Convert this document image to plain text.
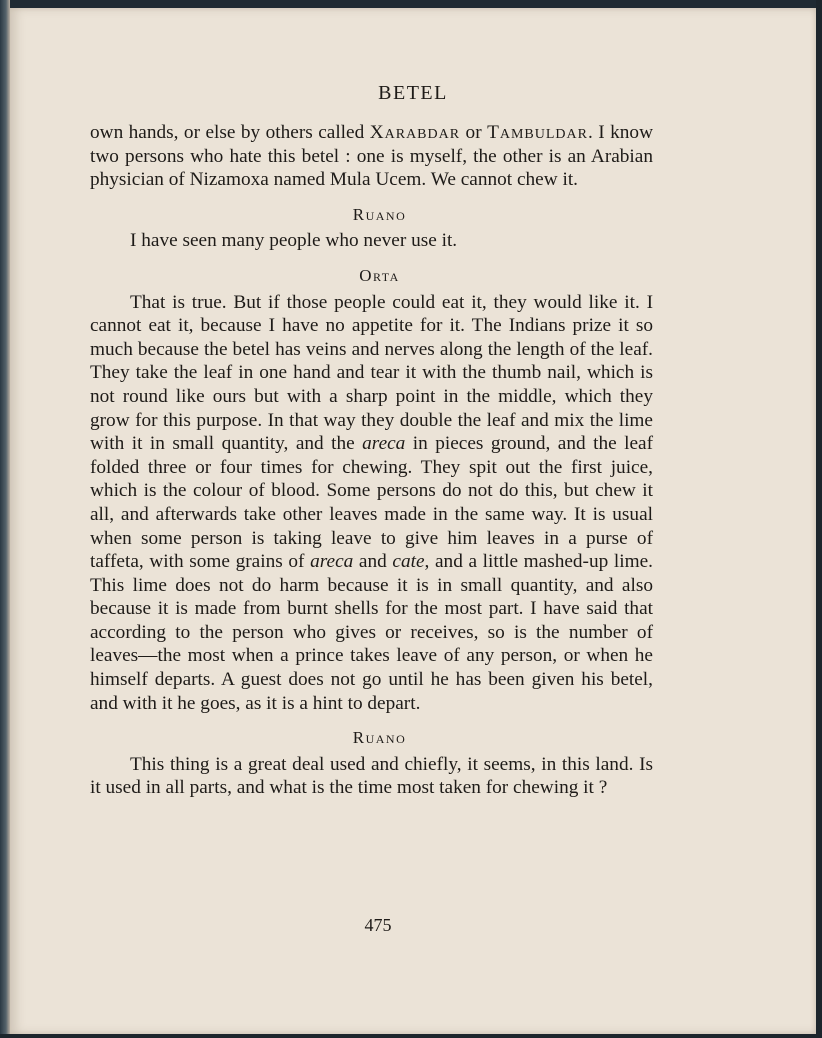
BETEL

own hands, or else by others called Xarabdar or Tambuldar. I know two persons who hate this betel : one is myself, the other is an Arabian physician of Nizamoxa named Mula Ucem. We cannot chew it.

Ruano

I have seen many people who never use it.

Orta

That is true. But if those people could eat it, they would like it. I cannot eat it, because I have no appetite for it. The Indians prize it so much because the betel has veins and nerves along the length of the leaf. They take the leaf in one hand and tear it with the thumb nail, which is not round like ours but with a sharp point in the middle, which they grow for this purpose. In that way they double the leaf and mix the lime with it in small quantity, and the areca in pieces ground, and the leaf folded three or four times for chewing. They spit out the first juice, which is the colour of blood. Some persons do not do this, but chew it all, and afterwards take other leaves made in the same way. It is usual when some person is taking leave to give him leaves in a purse of taffeta, with some grains of areca and cate, and a little mashed-up lime. This lime does not do harm because it is in small quantity, and also because it is made from burnt shells for the most part. I have said that according to the person who gives or receives, so is the number of leaves—the most when a prince takes leave of any person, or when he himself departs. A guest does not go until he has been given his betel, and with it he goes, as it is a hint to depart.

Ruano

This thing is a great deal used and chiefly, it seems, in this land. Is it used in all parts, and what is the time most taken for chewing it ?

475
